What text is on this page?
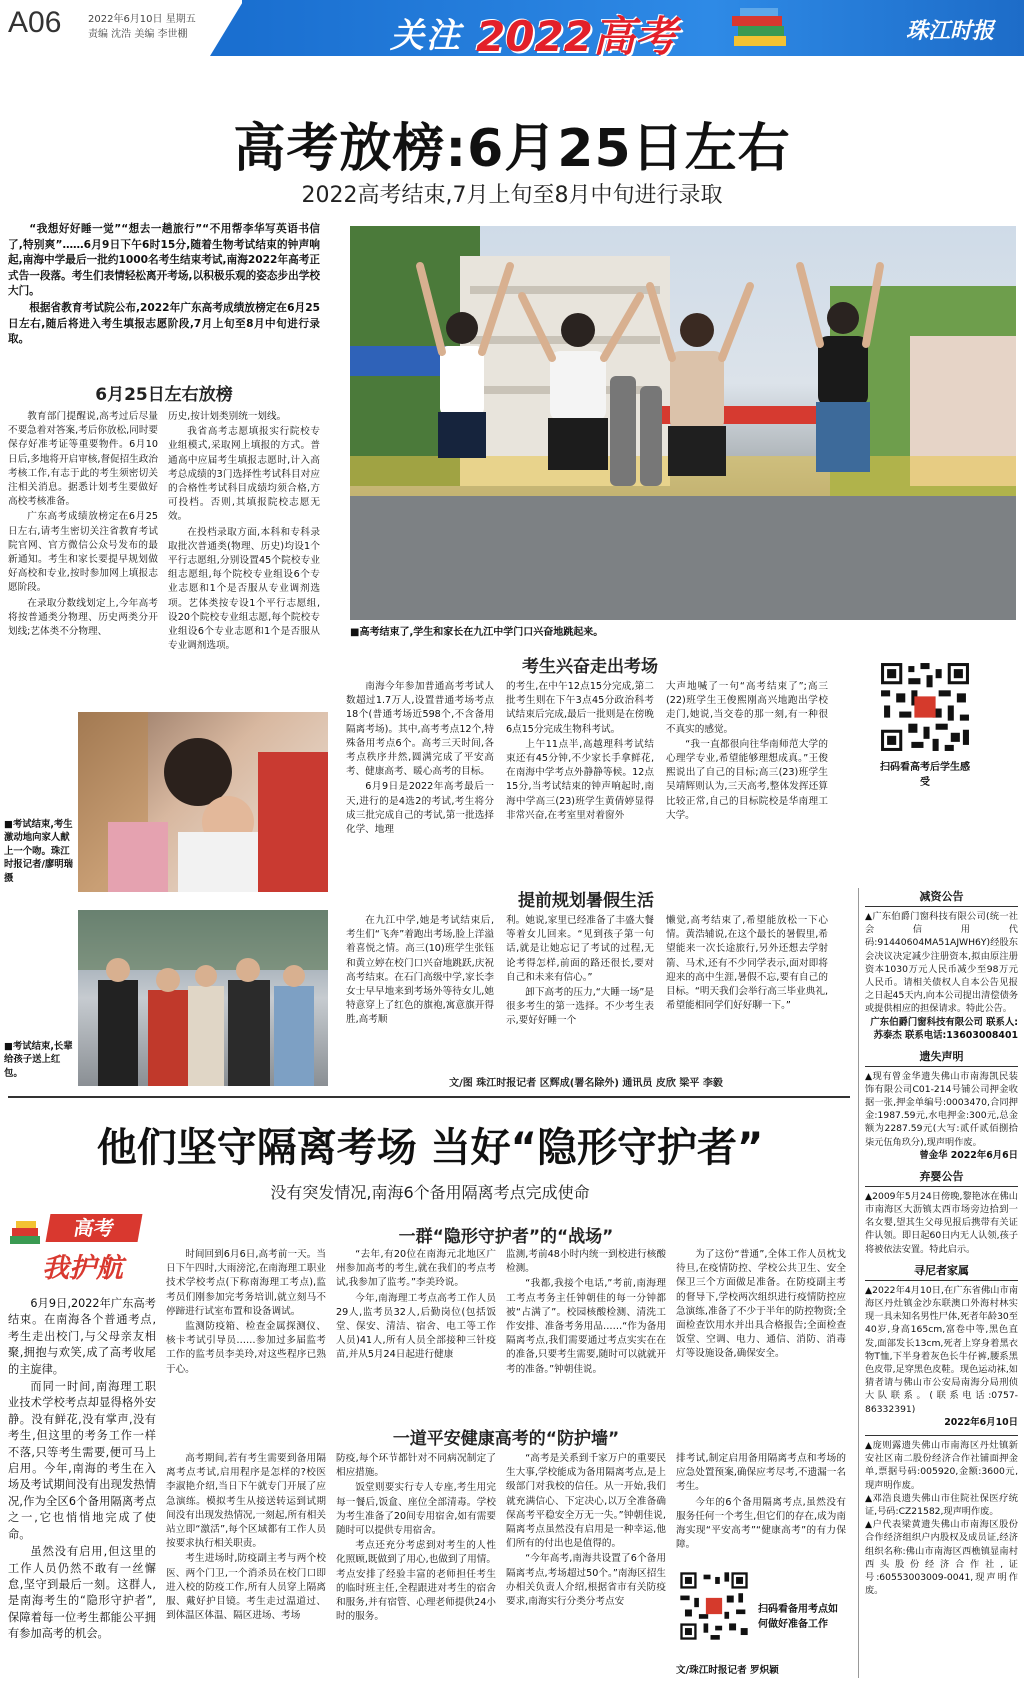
A06	2022年6月10日 星期五
责编 沈浩 美编 李世棚	关注 2022高考	珠江时报
高考放榜:6月25日左右
2022高考结束,7月上旬至8月中旬进行录取

“我想好好睡一觉”“想去一趟旅行”“不用帮李华写英语书信了,特别爽”……6月9日下午6时15分,随着生物考试结束的钟声响起,南海中学最后一批约1000名考生结束考试,南海2022年高考正式告一段落。考生们表情轻松离开考场,以积极乐观的姿态步出学校大门。

根据省教育考试院公布,2022年广东高考成绩放榜定在6月25日左右,随后将进入考生填报志愿阶段,7月上旬至8月中旬进行录取。

6月25日左右放榜

教育部门提醒说,高考过后尽量不要急着对答案,考后你放松,同时要保存好准考证等重要物件。6月10日后,多地将开启审核,督促招生政治考核工作,有志于此的考生须密切关注相关消息。据悉计划考生要做好高校考核准备。

广东高考成绩放榜定在6月25日左右,请考生密切关注省教育考试院官网、官方微信公众号发布的最新通知。考生和家长要提早规划做好高校和专业,按时参加网上填报志愿阶段。

在录取分数线划定上,今年高考将按普通类分物理、历史两类分开划线;艺体类不分物理、

历史,按计划类别统一划线。

我省高考志愿填报实行院校专业组模式,采取网上填报的方式。普通高中应届考生填报志愿时,计入高考总成绩的3门选择性考试科目对应的合格性考试科目成绩均须合格,方可投档。否则,其填报院校志愿无效。

在投档录取方面,本科和专科录取批次普通类(物理、历史)均设1个平行志愿组,分别设置45个院校专业组志愿组,每个院校专业组设6个专业志愿和1个是否服从专业调剂选项。艺体类按专设1个平行志愿组,设20个院校专业组志愿,每个院校专业组设6个专业志愿和1个是否服从专业调剂选项。

■高考结束了,学生和家长在九江中学门口兴奋地跳起来。
■考试结束,考生激动地向家人献上一个吻。珠江时报记者/廖明瑞 摄
■考试结束,长辈给孩子送上红包。
考生兴奋走出考场

南海今年参加普通高考考试人数超过1.7万人,设置普通考场考点18个(普通考场近598个,不含备用隔离考场)。其中,高考考点12个,特殊备用考点6个。高考三天时间,各考点秩序井然,圆满完成了平安高考、健康高考、暖心高考的目标。

6月9日是2022年高考最后一天,进行的是4选2的考试,考生将分成三批完成自己的考试,第一批选择化学、地理

的考生,在中午12点15分完成,第二批考生则在下午3点45分政治科考试结束后完成,最后一批则是在傍晚6点15分完成生物科考试。

上午11点半,高越理科考试结束还有45分钟,不少家长手拿鲜花,在南海中学考点外静静等候。12点15分,当考试结束的钟声响起时,南海中学高三(23)班学生黄倩婷显得非常兴奋,在考室里对着窗外

大声地喊了一句“高考结束了”;高三(22)班学生王俊熙刚高兴地跑出学校走门,她说,当交卷的那一刻,有一种很不真实的感觉。

“我一直都很向往华南师范大学的心理学专业,希望能够理想成真。”王俊熙说出了自己的目标;高三(23)班学生吴靖辉则认为,三天高考,整体发挥还算比较正常,自己的目标院校是华南理工大学。

扫码看高考后学生感受
提前规划暑假生活

在九江中学,她是考试结束后,考生们“飞奔”着跑出考场,脸上洋溢着喜悦之情。高三(10)班学生张钰和黄立婷在校门口兴奋地跳跃,庆祝高考结束。在石门高级中学,家长李女士早早地来到考场外等待女儿,她特意穿上了红色的旗袍,寓意旗开得胜,高考顺

利。她说,家里已经准备了丰盛大餐等着女儿回来。“见到孩子第一句话,就是让她忘记了考试的过程,无论考得怎样,前面的路还很长,要对自己和未来有信心。”

卸下高考的压力,“大睡一场”是很多考生的第一选择。不少考生表示,要好好睡一个

懒觉,高考结束了,希望能放松一下心情。黄浩辅说,在这个最长的暑假里,希望能来一次长途旅行,另外还想去学射箭、马术,还有不少同学表示,面对即将迎来的高中生涯,暑假不忘,要有自己的目标。“明天我们会举行高三毕业典礼,希望能相同学们好好聊一下。”

文/图 珠江时报记者 区辉成(署名除外) 通讯员 皮欣 梁平 李毅
他们坚守隔离考场 当好“隐形守护者”
没有突发情况,南海6个备用隔离考点完成使命
高考
我护航

6月9日,2022年广东高考结束。在南海各个普通考点,考生走出校门,与父母亲友相聚,拥抱与欢笑,成了高考收尾的主旋律。

而同一时间,南海理工职业技术学校考点却显得格外安静。没有鲜花,没有掌声,没有考生,但这里的考务工作一样不落,只等考生需要,便可马上启用。今年,南海的考生在入场及考试期间没有出现发热情况,作为全区6个备用隔离考点之一,它也悄悄地完成了使命。

虽然没有启用,但这里的工作人员仍然不敢有一丝懈怠,坚守到最后一刻。这群人,是南海考生的“隐形守护者”,保障着每一位考生都能公平拥有参加高考的机会。

一群“隐形守护者”的“战场”

时间回到6月6日,高考前一天。当日下午四时,大雨滂沱,在南海理工职业技术学校考点(下称南海理工考点),监考员们刚参加完考务培训,就立刻马不停蹄进行试室布置和设备调试。

监测防疫箱、检查金属探测仪、核卡考试引导员……参加过多届监考工作的监考员李美玲,对这些程序已熟于心。

“去年,有20位在南海元北地区广州参加高考的考生,就在我们的考点考试,我参加了监考。”李美玲说。

今年,南海理工考点高考工作人员29人,监考员32人,后勤岗位(包括饭堂、保安、清洁、宿舍、电工等工作人员)41人,所有人员全部接种三针疫苗,并从5月24日起进行健康

监测,考前48小时内统一到校进行核酸检测。

“我都,我接个电话,”考前,南海理工考点考务主任钟朝佳的每一分钟都被“占满了”。校园核酸检测、清洗工作安排、准备考务用品……“作为备用隔离考点,我们需要通过考点实实在在的准备,只要考生需要,随时可以就就开考的准备。”钟朝佳说。

为了这份“普通”,全体工作人员枕戈待旦,在疫情防控、学校公共卫生、安全保卫三个方面做足准备。在防疫副主考的督导下,学校两次组织进行疫情防控应急演练,准备了不少于半年的防控物资;全面检查饮用水并出具合格报告;全面检查饭堂、空调、电力、通信、消防、消毒灯等设施设备,确保安全。

一道平安健康高考的“防护墙”

高考期间,若有考生需要到备用隔离考点考试,启用程序是怎样的?校医李淑艳介绍,当日下午就专门开展了应急演练。模拟考生从接送转运到试期间没有出现发热情况,一刻起,所有相关站立即“激活”,每个区域都有工作人员按要求执行相关职责。

考生进场时,防疫副主考与两个校医、两个门卫,一个消杀员在校门口即进入校的防疫工作,所有人员穿上隔离服、戴好护目镜。考生走过温道过、到体温区体温、隔区进场、考场

防疫,每个环节都针对不同病况制定了相应措施。

饭堂则要实行专人专座,考生用完每一餐后,饭盒、座位全部清毒。学校为考生准备了20间专用宿舍,如有需要随时可以提供专用宿舍。

考点还充分考虑到对考生的人性化照顾,既做到了用心,也做到了用情。考点安排了经验丰富的老师担任考生的临时班主任,全程跟进对考生的宿舍和服务,并有宿管、心理老师提供24小时的服务。

“高考是关系到千家万户的重要民生大事,学校能成为备用隔离考点,是上级部门对我校的信任。从一开始,我们就充满信心、下定决心,以万全准备确保高考平稳安全万无一失。”钟朝佳说,隔离考点虽然没有启用是一种幸运,他们所有的付出也是值得的。

“今年高考,南海共设置了6个备用隔离考点,考场超过50个。”南海区招生办相关负责人介绍,根据省市有关防疫要求,南海实行分类分考点安

排考试,制定启用备用隔离考点和考场的应急处置预案,确保应考尽考,不遗漏一名考生。

今年的6个备用隔离考点,虽然没有服务任何一个考生,但它们的存在,成为南海实现“平安高考”“健康高考”的有力保障。

扫码看备用考点如何做好准备工作
文/珠江时报记者 罗炽颖
减资公告
▲广东伯爵门窗科技有限公司(统一社会信用代码:91440604MA51AJWH6Y)经股东会决议决定减少注册资本,拟由原注册资本1030万元人民币减少至98万元人民币。请相关债权人自本公告见报之日起45天内,向本公司提出清偿债务或提供相应的担保请求。特此公告。
广东伯爵门窗科技有限公司 联系人:苏泰杰 联系电话:13603008401
遗失声明
▲现有曾金华遗失佛山市南海凯民装饰有限公司C01-214号铺公司押金收据一张,押金单编号:0003470,合同押金:1987.59元,水电押金:300元,总金额为2287.59元(大写:贰仟贰佰捌拾柒元伍角玖分),现声明作废。
曾金华 2022年6月6日
弃婴公告
▲2009年5月24日傍晚,黎艳冰在佛山市南海区大沥镇太西市场旁边拾到一名女婴,望其生父母见报后携带有关证件认领。即日起60日内无人认领,孩子将被依法安置。特此启示。
寻尼者家属
▲2022年4月10日,在广东省佛山市南海区丹灶镇金沙东联澳口外海村林实现一具未知名男性尸体,死者年龄30至40岁,身高165cm,富卷中等,黑色直发,面部发长13cm,死者上穿身着黑衣物T恤,下半身着灰色长牛仔裤,腰系黑色皮带,足穿黑色皮鞋。现色运动袜,如猜者请与佛山市公安局南海分局刑侦大队联系。(联系电话:0757-86332391)
2022年6月10日
▲庞则露遗失佛山市南海区丹灶镇新安社区南二股份经济合作社铺面押金单,票据号码:005920,金额:3600元,现声明作废。
▲邓浩良遗失佛山市住院社保医疗统证,号码:CZ21582,现声明作废。
▲户代表梁黄遗失佛山市南海区股份合作经济组织户内股权及成员证,经济组织名称:佛山市南海区西樵镇显南村西头股份经济合作社,证号:60553003009-0041,现声明作废。
